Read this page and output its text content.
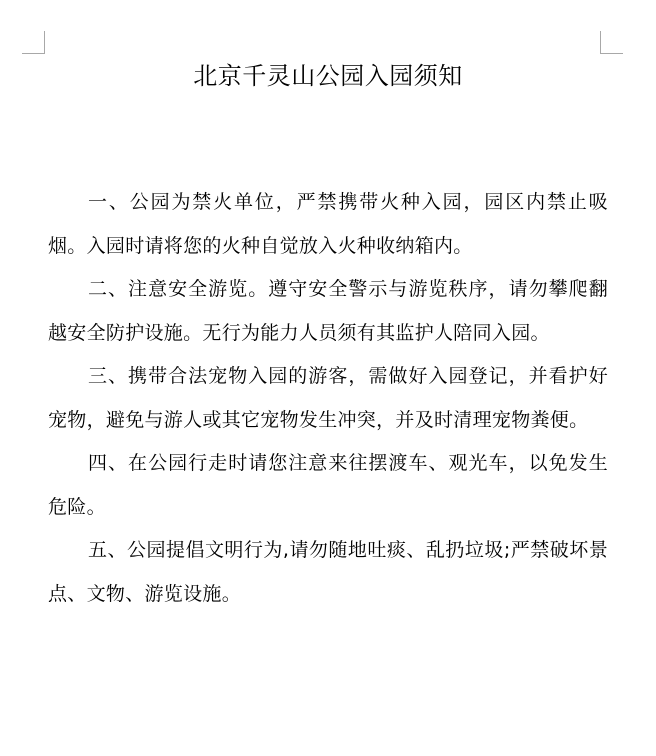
北京千灵山公园入园须知

一、公园为禁火单位，严禁携带火种入园，园区内禁止吸烟。入园时请将您的火种自觉放入火种收纳箱内。

二、注意安全游览。遵守安全警示与游览秩序，请勿攀爬翻越安全防护设施。无行为能力人员须有其监护人陪同入园。

三、携带合法宠物入园的游客，需做好入园登记，并看护好宠物，避免与游人或其它宠物发生冲突，并及时清理宠物粪便。

四、在公园行走时请您注意来往摆渡车、观光车，以免发生危险。

五、公园提倡文明行为,请勿随地吐痰、乱扔垃圾;严禁破坏景点、文物、游览设施。
